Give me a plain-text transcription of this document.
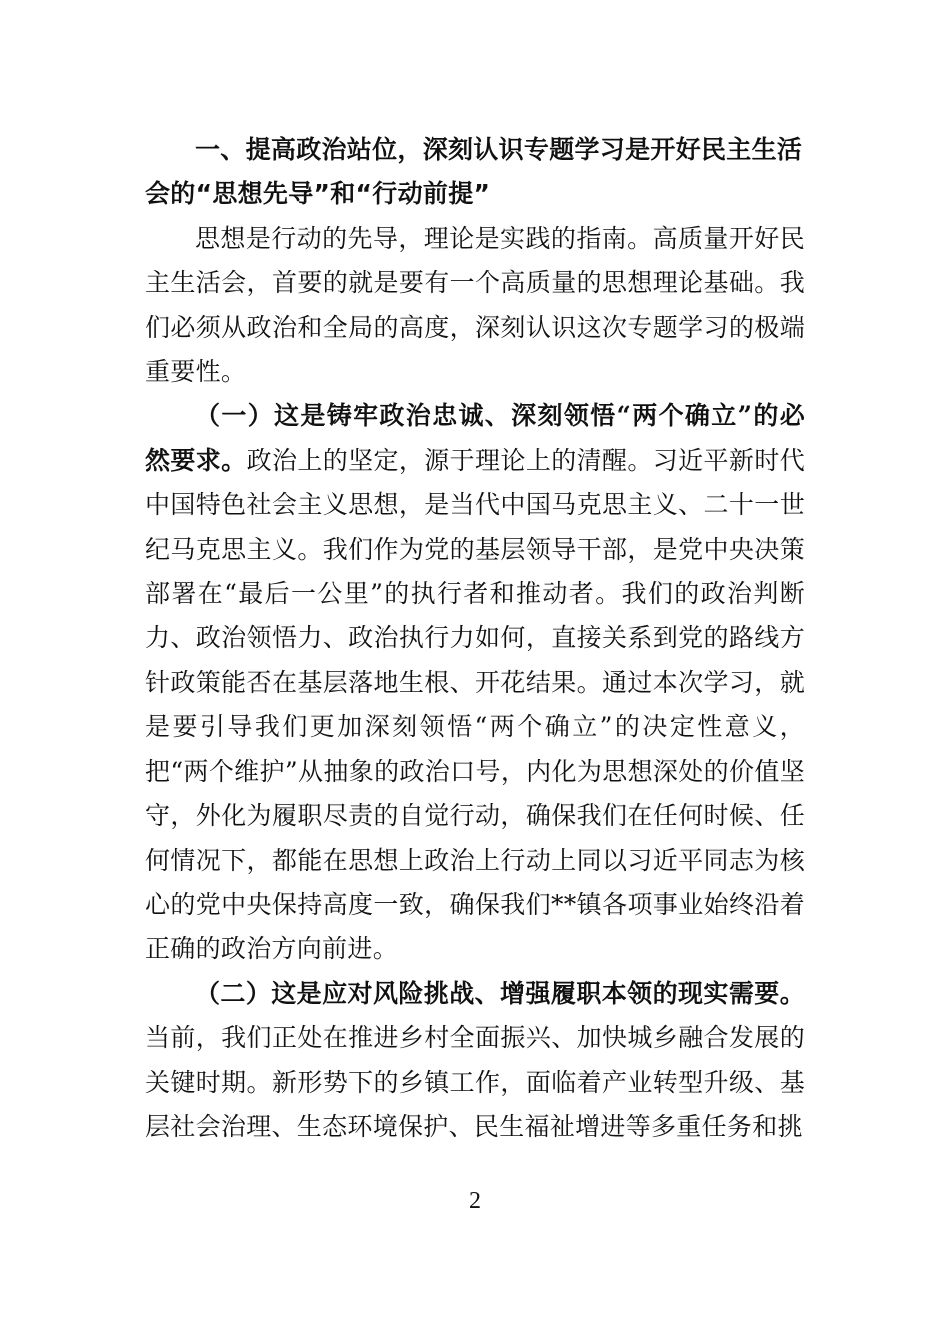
一、提高政治站位，深刻认识专题学习是开好民主生活会的“思想先导”和“行动前提”

思想是行动的先导，理论是实践的指南。高质量开好民主生活会，首要的就是要有一个高质量的思想理论基础。我们必须从政治和全局的高度，深刻认识这次专题学习的极端重要性。

（一）这是铸牢政治忠诚、深刻领悟“两个确立”的必然要求。政治上的坚定，源于理论上的清醒。习近平新时代中国特色社会主义思想，是当代中国马克思主义、二十一世纪马克思主义。我们作为党的基层领导干部，是党中央决策部署在“最后一公里”的执行者和推动者。我们的政治判断力、政治领悟力、政治执行力如何，直接关系到党的路线方针政策能否在基层落地生根、开花结果。通过本次学习，就是要引导我们更加深刻领悟“两个确立”的决定性意义，把“两个维护”从抽象的政治口号，内化为思想深处的价值坚守，外化为履职尽责的自觉行动，确保我们在任何时候、任何情况下，都能在思想上政治上行动上同以习近平同志为核心的党中央保持高度一致，确保我们**镇各项事业始终沿着正确的政治方向前进。

（二）这是应对风险挑战、增强履职本领的现实需要。当前，我们正处在推进乡村全面振兴、加快城乡融合发展的关键时期。新形势下的乡镇工作，面临着产业转型升级、基层社会治理、生态环境保护、民生福祉增进等多重任务和挑

2
